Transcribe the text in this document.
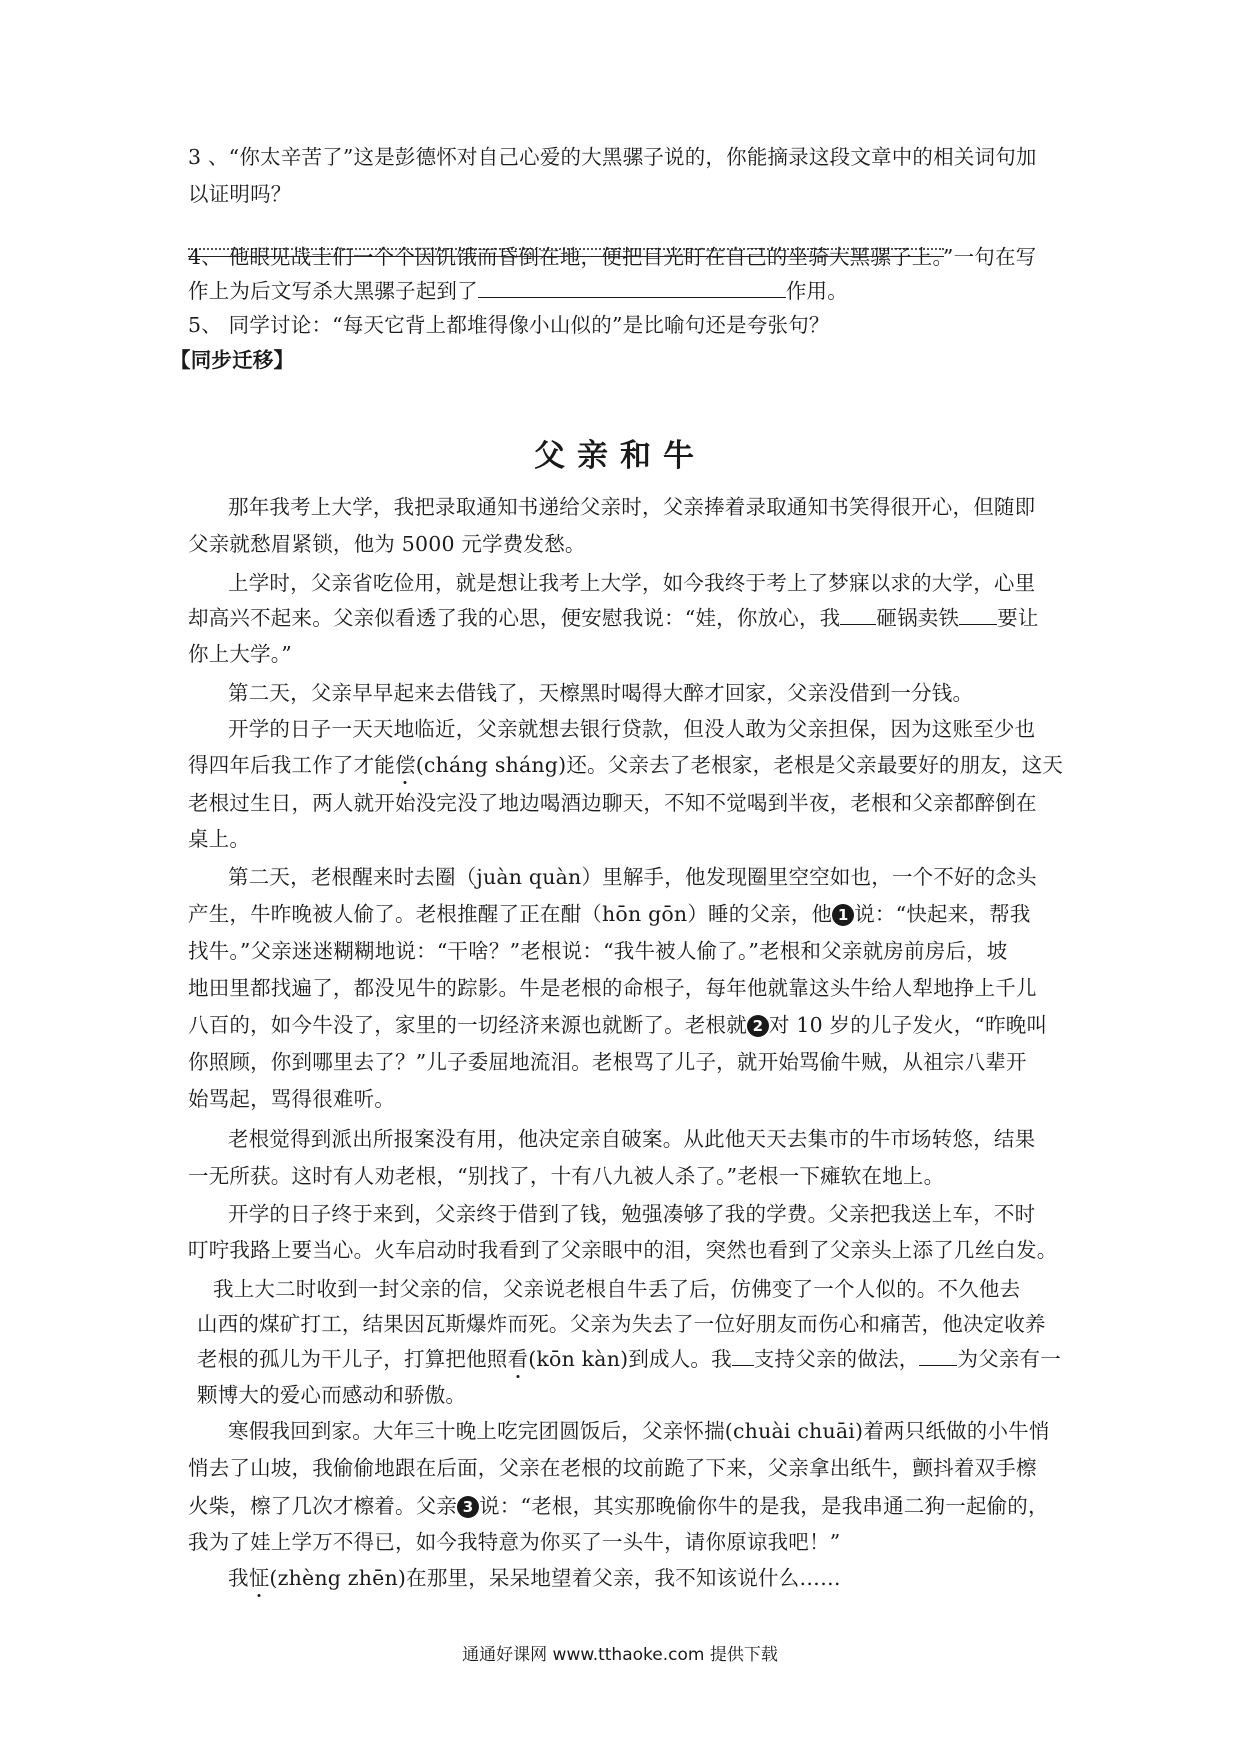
3 、“你太辛苦了”这是彭德怀对自己心爱的大黑骡子说的，你能摘录这段文章中的相关词句加
以证明吗？
4、 他眼见战士们一个个因饥饿而昏倒在地，便把目光盯在自己的坐骑大黑骡子上。”一句在写
作上为后文写杀大黑骡子起到了	作用。
5、 同学讨论：“每天它背上都堆得像小山似的”是比喻句还是夸张句？
【同步迁移】
父亲和牛
那年我考上大学，我把录取通知书递给父亲时，父亲捧着录取通知书笑得很开心，但随即
父亲就愁眉紧锁，他为 5000 元学费发愁。
上学时，父亲省吃俭用，就是想让我考上大学，如今我终于考上了梦寐以求的大学，心里
却高兴不起来。父亲似看透了我的心思，便安慰我说：“娃，你放心，我 砸锅卖铁 要让
你上大学。”
第二天，父亲早早起来去借钱了，天檫黑时喝得大醉才回家，父亲没借到一分钱。
开学的日子一天天地临近，父亲就想去银行贷款，但没人敢为父亲担保，因为这账至少也
得四年后我工作了才能偿(cháng sháng)还。父亲去了老根家，老根是父亲最要好的朋友，这天
老根过生日，两人就开始没完没了地边喝酒边聊天，不知不觉喝到半夜，老根和父亲都醉倒在
桌上。
第二天，老根醒来时去圈（juàn quàn）里解手，他发现圈里空空如也，一个不好的念头
产生，牛昨晚被人偷了。老根推醒了正在酣（hōn gōn）睡的父亲，他 1 说：“快起来，帮我
找牛。”父亲迷迷糊糊地说：“干啥？”老根说：“我牛被人偷了。”老根和父亲就房前房后，坡
地田里都找遍了，都没见牛的踪影。牛是老根的命根子，每年他就靠这头牛给人犁地挣上千儿
八百的，如今牛没了，家里的一切经济来源也就断了。老根就 2 对 10 岁的儿子发火，“昨晚叫
你照顾，你到哪里去了？”儿子委屈地流泪。老根骂了儿子，就开始骂偷牛贼，从祖宗八辈开
始骂起，骂得很难听。
老根觉得到派出所报案没有用，他决定亲自破案。从此他天天去集市的牛市场转悠，结果
一无所获。这时有人劝老根，“别找了，十有八九被人杀了。”老根一下瘫软在地上。
开学的日子终于来到，父亲终于借到了钱，勉强凑够了我的学费。父亲把我送上车，不时
叮咛我路上要当心。火车启动时我看到了父亲眼中的泪，突然也看到了父亲头上添了几丝白发。
我上大二时收到一封父亲的信，父亲说老根自牛丢了后，仿佛变了一个人似的。不久他去
山西的煤矿打工，结果因瓦斯爆炸而死。父亲为失去了一位好朋友而伤心和痛苦，他决定收养
老根的孤儿为干儿子，打算把他照看(kōn kàn)到成人。我 支持父亲的做法， 为父亲有一
颗博大的爱心而感动和骄傲。
寒假我回到家。大年三十晚上吃完团圆饭后，父亲怀揣(chuài chuāi)着两只纸做的小牛悄
悄去了山坡，我偷偷地跟在后面，父亲在老根的坟前跪了下来，父亲拿出纸牛，颤抖着双手檫
火柴，檫了几次才檫着。父亲 3 说：“老根，其实那晚偷你牛的是我，是我串通二狗一起偷的，
我为了娃上学万不得已，如今我特意为你买了一头牛，请你原谅我吧！”
我怔(zhèng zhēn)在那里，呆呆地望着父亲，我不知该说什么……
通通好课网 www.tthaoke.com 提供下载
